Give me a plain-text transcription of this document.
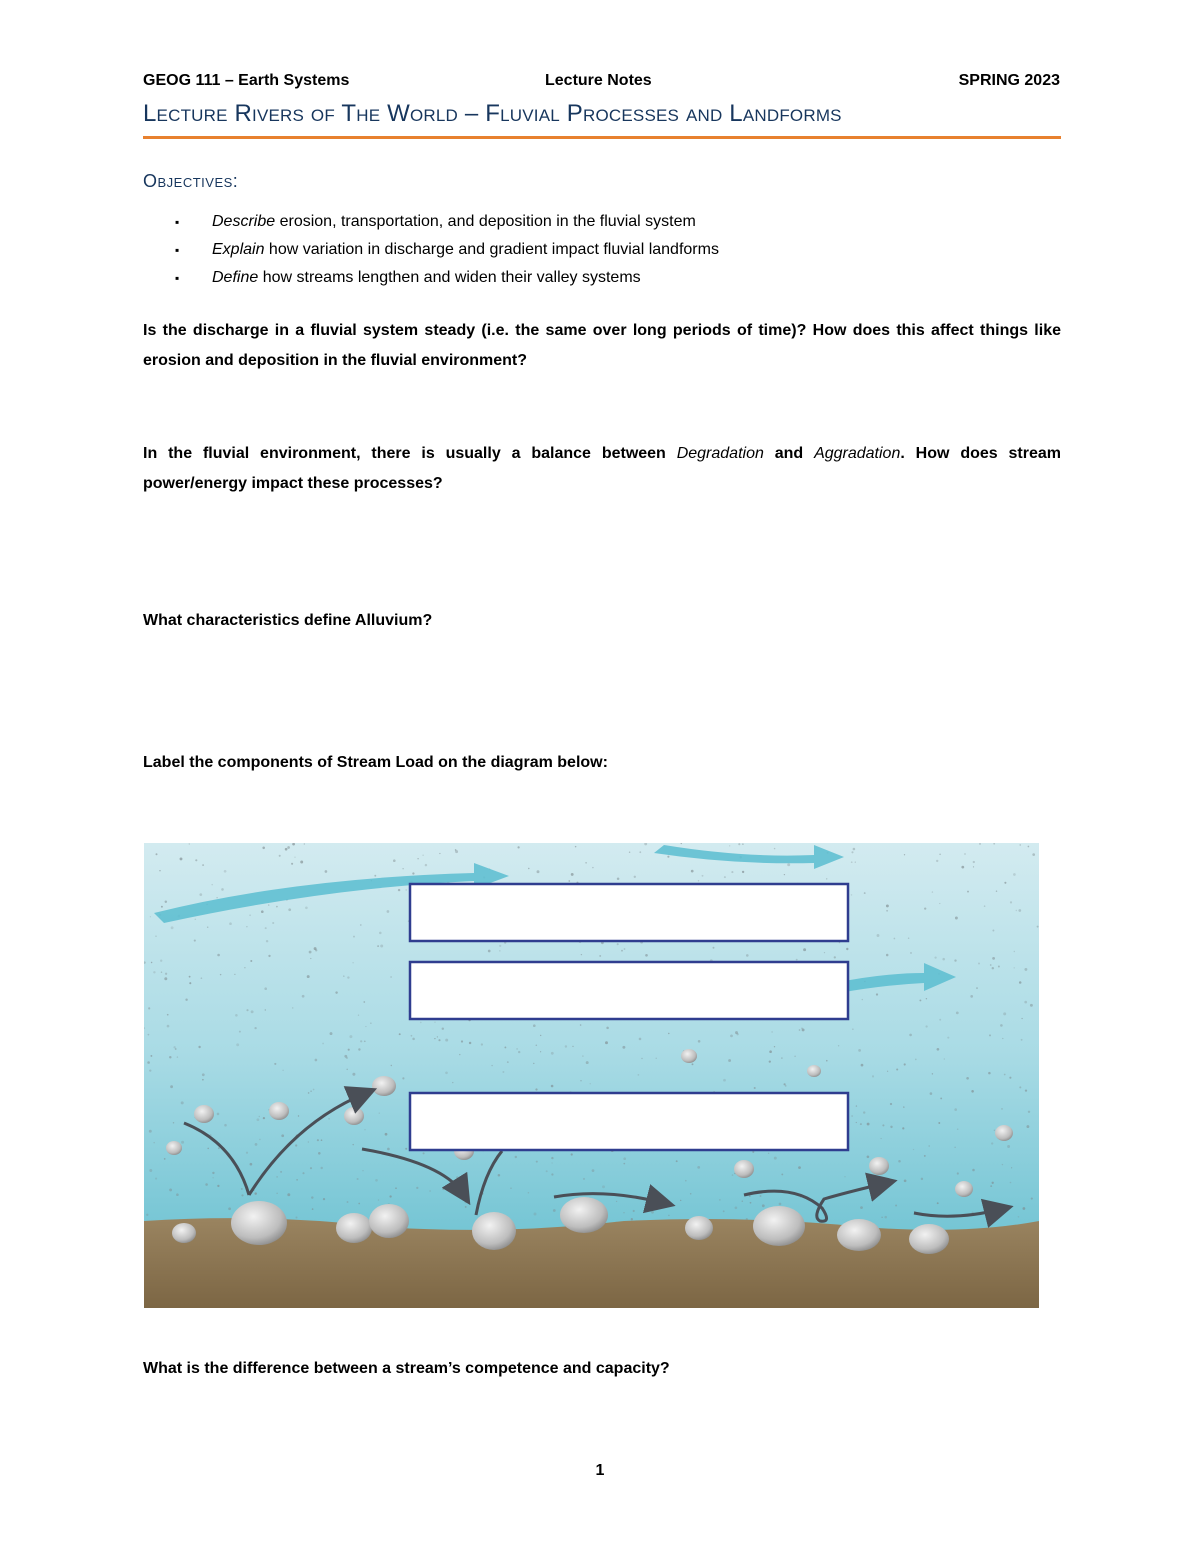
GEOG 111 – Earth Systems	Lecture Notes	SPRING 2023
Lecture Rivers of The World – Fluvial Processes and Landforms
Objectives:
▪ Describe erosion, transportation, and deposition in the fluvial system
▪ Explain how variation in discharge and gradient impact fluvial landforms
▪ Define how streams lengthen and widen their valley systems
Is the discharge in a fluvial system steady (i.e. the same over long periods of time)? How does this affect things like erosion and deposition in the fluvial environment?
In the fluvial environment, there is usually a balance between Degradation and Aggradation. How does stream power/energy impact these processes?
What characteristics define Alluvium?
Label the components of Stream Load on the diagram below:
What is the difference between a stream’s competence and capacity?
1
